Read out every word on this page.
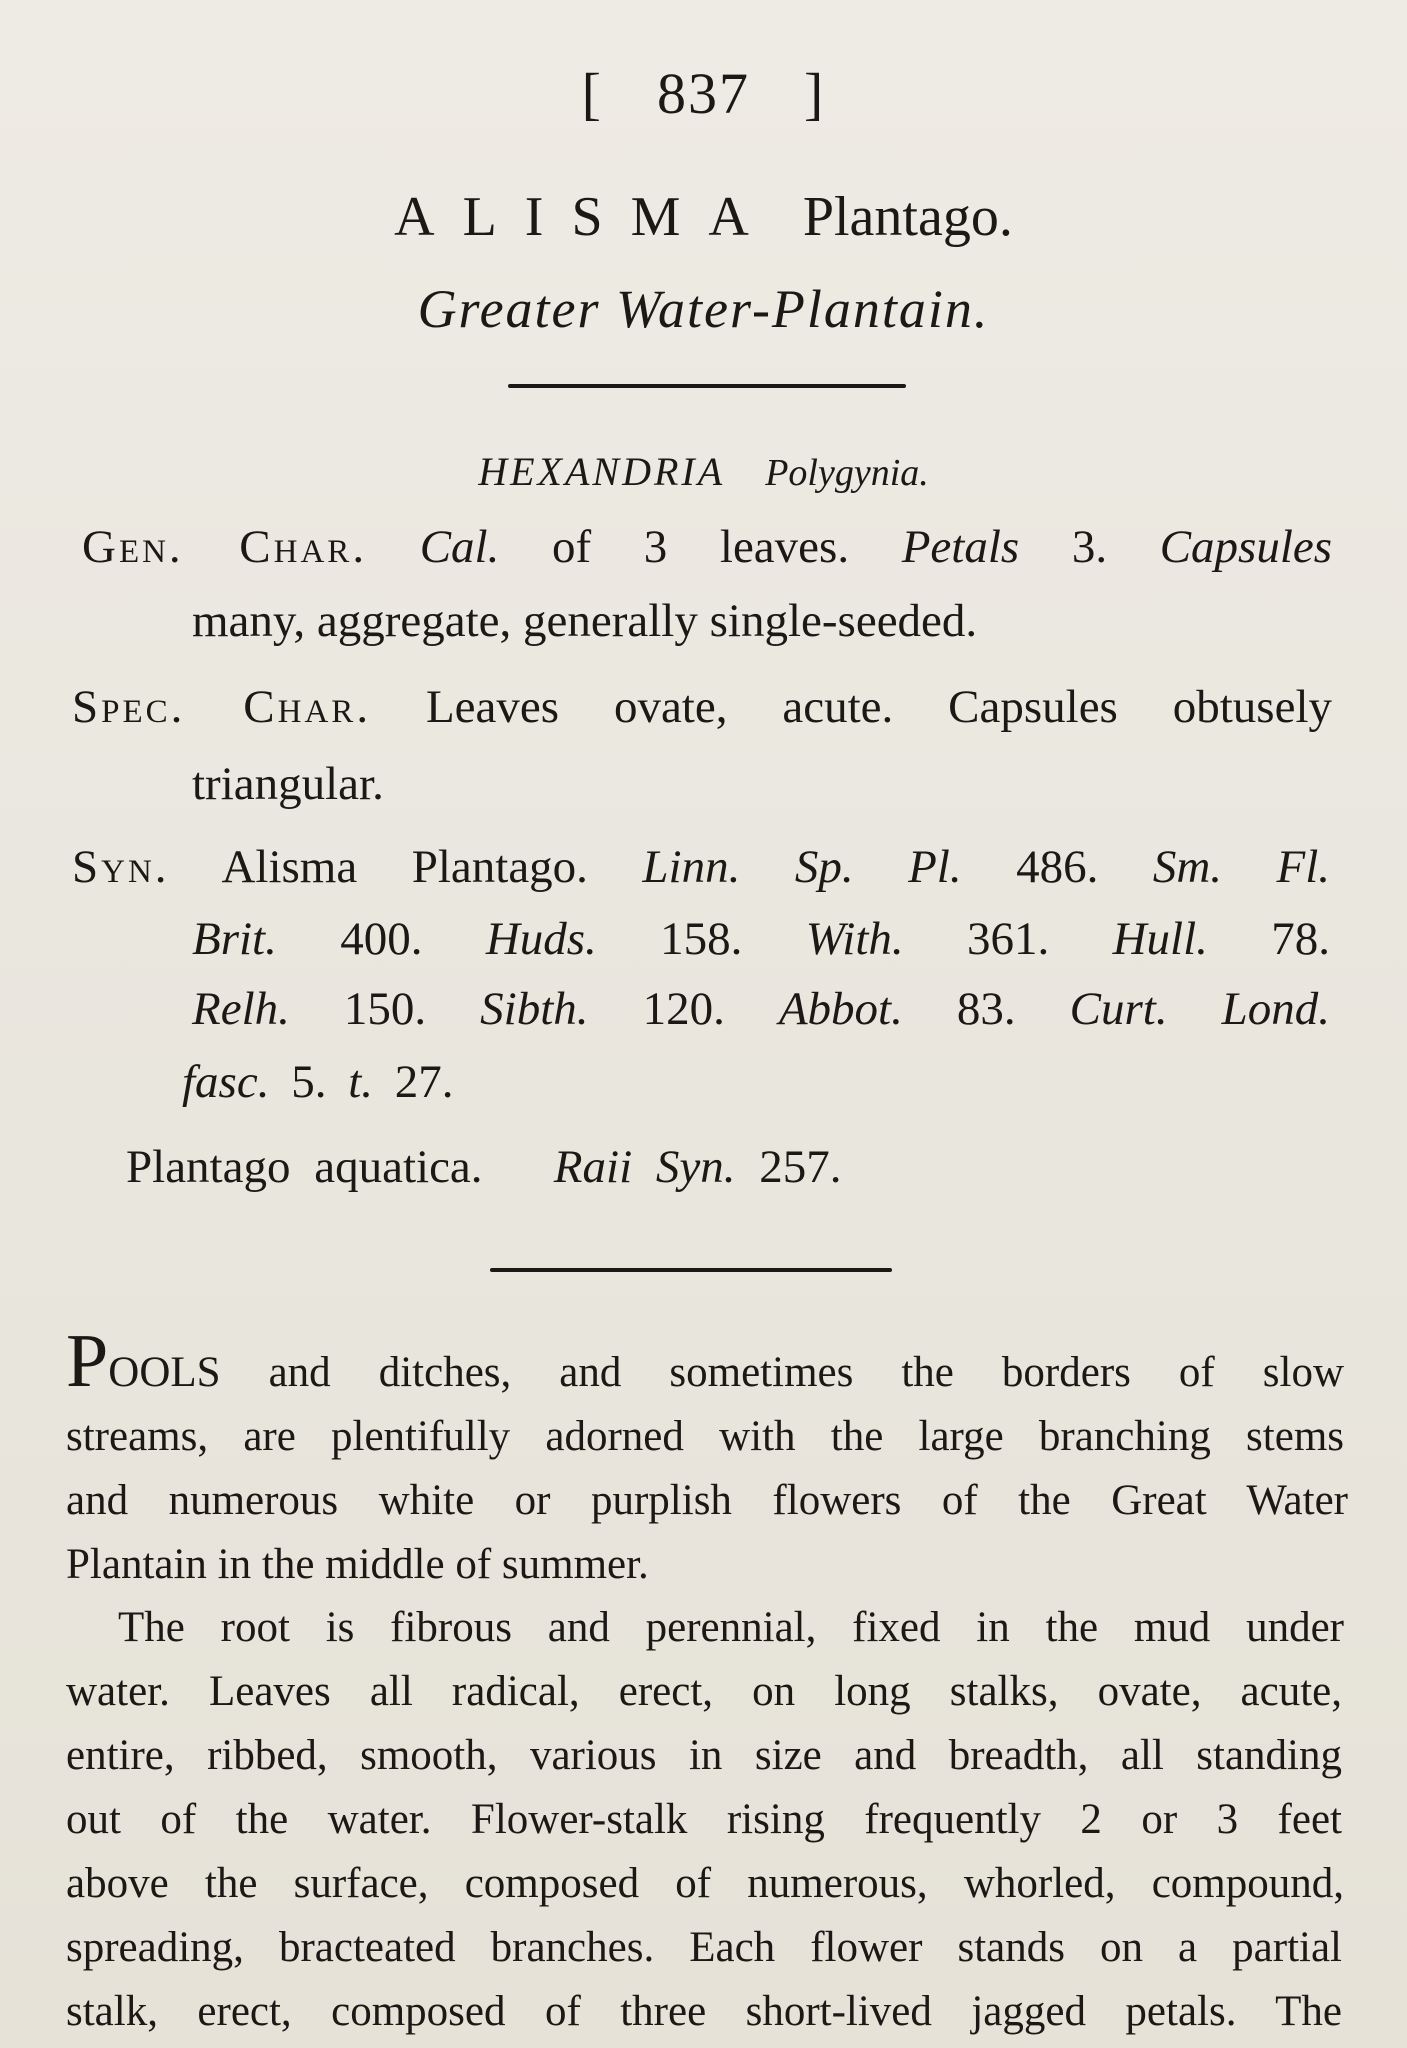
[ 837 ]
ALISMA Plantago.
Greater Water-Plantain.
HEXANDRIA Polygynia.
Gen. Char. Cal. of 3 leaves. Petals 3. Capsules
many, aggregate, generally single-seeded.
Spec. Char. Leaves ovate, acute. Capsules obtusely
triangular.
Syn. Alisma Plantago. Linn. Sp. Pl. 486. Sm. Fl.
Brit. 400. Huds. 158. With. 361. Hull. 78.
Relh. 150. Sibth. 120. Abbot. 83. Curt. Lond.
fasc. 5. t. 27.
Plantago aquatica. Raii Syn. 257.
POOLS and ditches, and sometimes the borders of slow
streams, are plentifully adorned with the large branching stems
and numerous white or purplish flowers of the Great Water
Plantain in the middle of summer.
The root is fibrous and perennial, fixed in the mud under
water. Leaves all radical, erect, on long stalks, ovate, acute,
entire, ribbed, smooth, various in size and breadth, all standing
out of the water. Flower-stalk rising frequently 2 or 3 feet
above the surface, composed of numerous, whorled, compound,
spreading, bracteated branches. Each flower stands on a partial
stalk, erect, composed of three short-lived jagged petals. The
